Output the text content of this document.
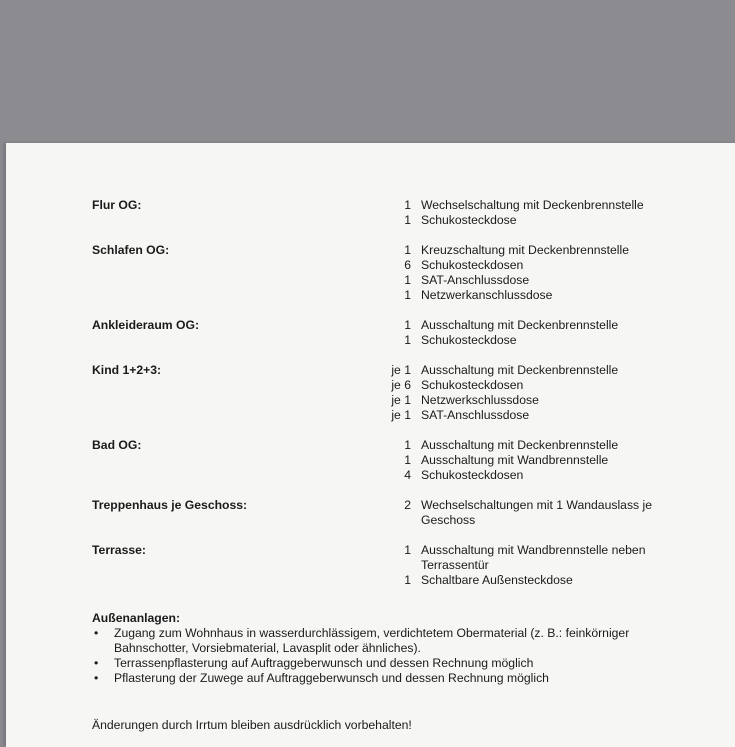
Flur OG:	1 Wechselschaltung mit Deckenbrennstelle
1 Schukosteckdose
Schlafen OG:	1 Kreuzschaltung mit Deckenbrennstelle
6 Schukosteckdosen
1 SAT-Anschlussdose
1 Netzwerkanschlussdose
Ankleideraum OG:	1 Ausschaltung mit Deckenbrennstelle
1 Schukosteckdose
Kind 1+2+3:	je 1 Ausschaltung mit Deckenbrennstelle
je 6 Schukosteckdosen
je 1 Netzwerkschlussdose
je 1 SAT-Anschlussdose
Bad OG:	1 Ausschaltung mit Deckenbrennstelle
1 Ausschaltung mit Wandbrennstelle
4 Schukosteckdosen
Treppenhaus je Geschoss:	2 Wechselschaltungen mit 1 Wandauslass je Geschoss
Terrasse:	1 Ausschaltung mit Wandbrennstelle neben Terrassentür
1 Schaltbare Außensteckdose
Außenanlagen:
•	Zugang zum Wohnhaus in wasserdurchlässigem, verdichtetem Obermaterial (z. B.: feinkörniger Bahnschotter, Vorsiebmaterial, Lavasplit oder ähnliches).
•	Terrassenpflasterung auf Auftraggeberwunsch und dessen Rechnung möglich
•	Pflasterung der Zuwege auf Auftraggeberwunsch und dessen Rechnung möglich
Änderungen durch Irrtum bleiben ausdrücklich vorbehalten!
